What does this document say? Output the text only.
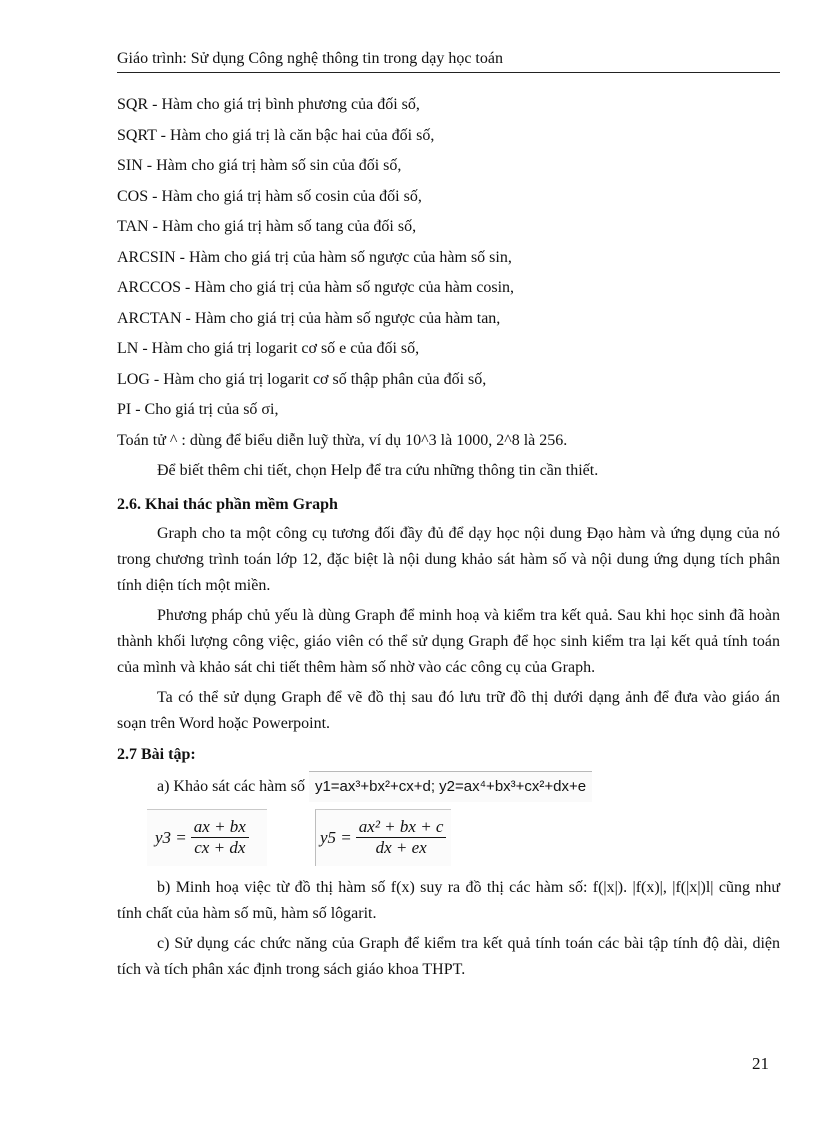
Giáo trình: Sử dụng Công nghệ thông tin trong dạy học toán
SQR - Hàm cho giá trị bình phương của đối số,
SQRT - Hàm cho giá trị là căn bậc hai của đối số,
SIN - Hàm cho giá trị hàm số sin của đối số,
COS - Hàm cho giá trị hàm số cosin của đối số,
TAN - Hàm cho giá trị hàm số tang của đối số,
ARCSIN - Hàm cho giá trị của hàm số ngược của hàm số sin,
ARCCOS - Hàm cho giá trị của hàm số ngược của hàm cosin,
ARCTAN - Hàm cho giá trị của hàm số ngược của hàm tan,
LN - Hàm cho giá trị logarit cơ số e của đối số,
LOG - Hàm cho giá trị logarit cơ số thập phân của đối số,
PI - Cho giá trị của số σi,
Toán tử ^ : dùng để biểu diễn luỹ thừa, ví dụ 10^3 là 1000, 2^8 là 256.
Để biết thêm chi tiết, chọn Help để tra cứu những thông tin cần thiết.
2.6. Khai thác phần mềm Graph

Graph cho ta một công cụ tương đối đầy đủ để dạy học nội dung Đạo hàm và ứng dụng của nó trong chương trình toán lớp 12, đặc biệt là nội dung khảo sát hàm số và nội dung ứng dụng tích phân tính diện tích một miền.

Phương pháp chủ yếu là dùng Graph để minh hoạ và kiểm tra kết quả. Sau khi học sinh đã hoàn thành khối lượng công việc, giáo viên có thể sử dụng Graph để học sinh kiểm tra lại kết quả tính toán của mình và khảo sát chi tiết thêm hàm số nhờ vào các công cụ của Graph.

Ta có thể sử dụng Graph để vẽ đồ thị sau đó lưu trữ đồ thị dưới dạng ảnh để đưa vào giáo án soạn trên Word hoặc Powerpoint.

2.7 Bài tập:
a) Khảo sát các hàm số y1=ax³+bx²+cx+d; y2=ax⁴+bx³+cx²+dx+e
$y3 = \frac{ax + bx}{cx + dx}$	$y5 = \frac{\text{ax² + bx + c}}{dx + ex}$

b) Minh hoạ việc từ đồ thị hàm số f(x) suy ra đồ thị các hàm số: f(|x|). |f(x)|, |f(|x|)l| cũng như tính chất của hàm số mũ, hàm số lôgarit.

c) Sử dụng các chức năng của Graph để kiểm tra kết quả tính toán các bài tập tính độ dài, diện tích và tích phân xác định trong sách giáo khoa THPT.

21
